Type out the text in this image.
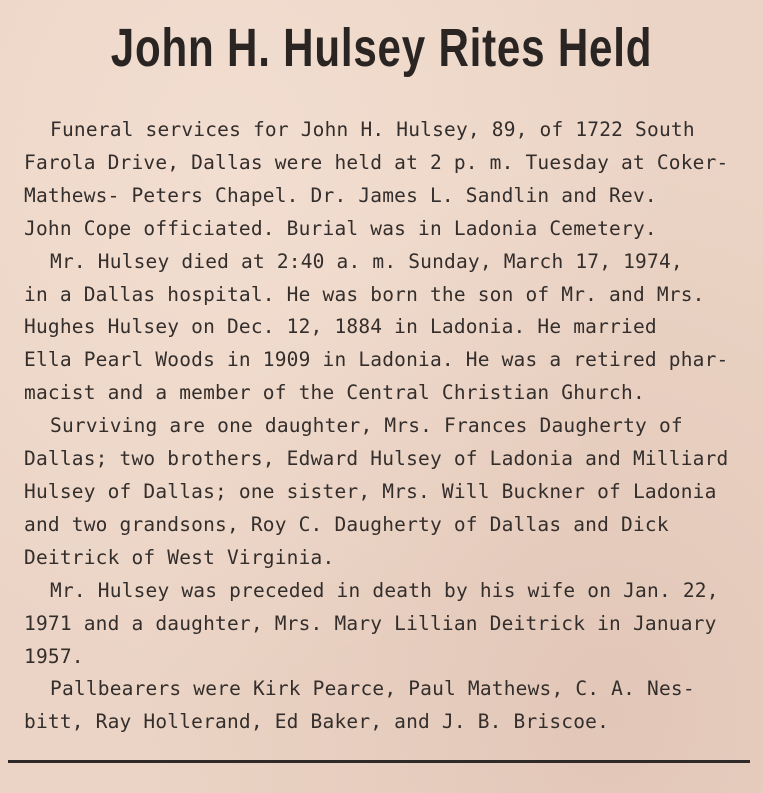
John H. Hulsey Rites Held

Funeral services for John H. Hulsey, 89, of 1722 South
Farola Drive, Dallas were held at 2 p. m. Tuesday at Coker-
Mathews- Peters Chapel. Dr. James L. Sandlin and Rev.
John Cope officiated. Burial was in Ladonia Cemetery.

Mr. Hulsey died at 2:40 a. m. Sunday, March 17, 1974,
in a Dallas hospital. He was born the son of Mr. and Mrs.
Hughes Hulsey on Dec. 12, 1884 in Ladonia. He married
Ella Pearl Woods in 1909 in Ladonia. He was a retired phar-
macist and a member of the Central Christian Ghurch.

Surviving are one daughter, Mrs. Frances Daugherty of
Dallas; two brothers, Edward Hulsey of Ladonia and Milliard
Hulsey of Dallas; one sister, Mrs. Will Buckner of Ladonia
and two grandsons, Roy C. Daugherty of Dallas and Dick
Deitrick of West Virginia.

Mr. Hulsey was preceded in death by his wife on Jan. 22,
1971 and a daughter, Mrs. Mary Lillian Deitrick in January
1957.

Pallbearers were Kirk Pearce, Paul Mathews, C. A. Nes-
bitt, Ray Hollerand, Ed Baker, and J. B. Briscoe.
